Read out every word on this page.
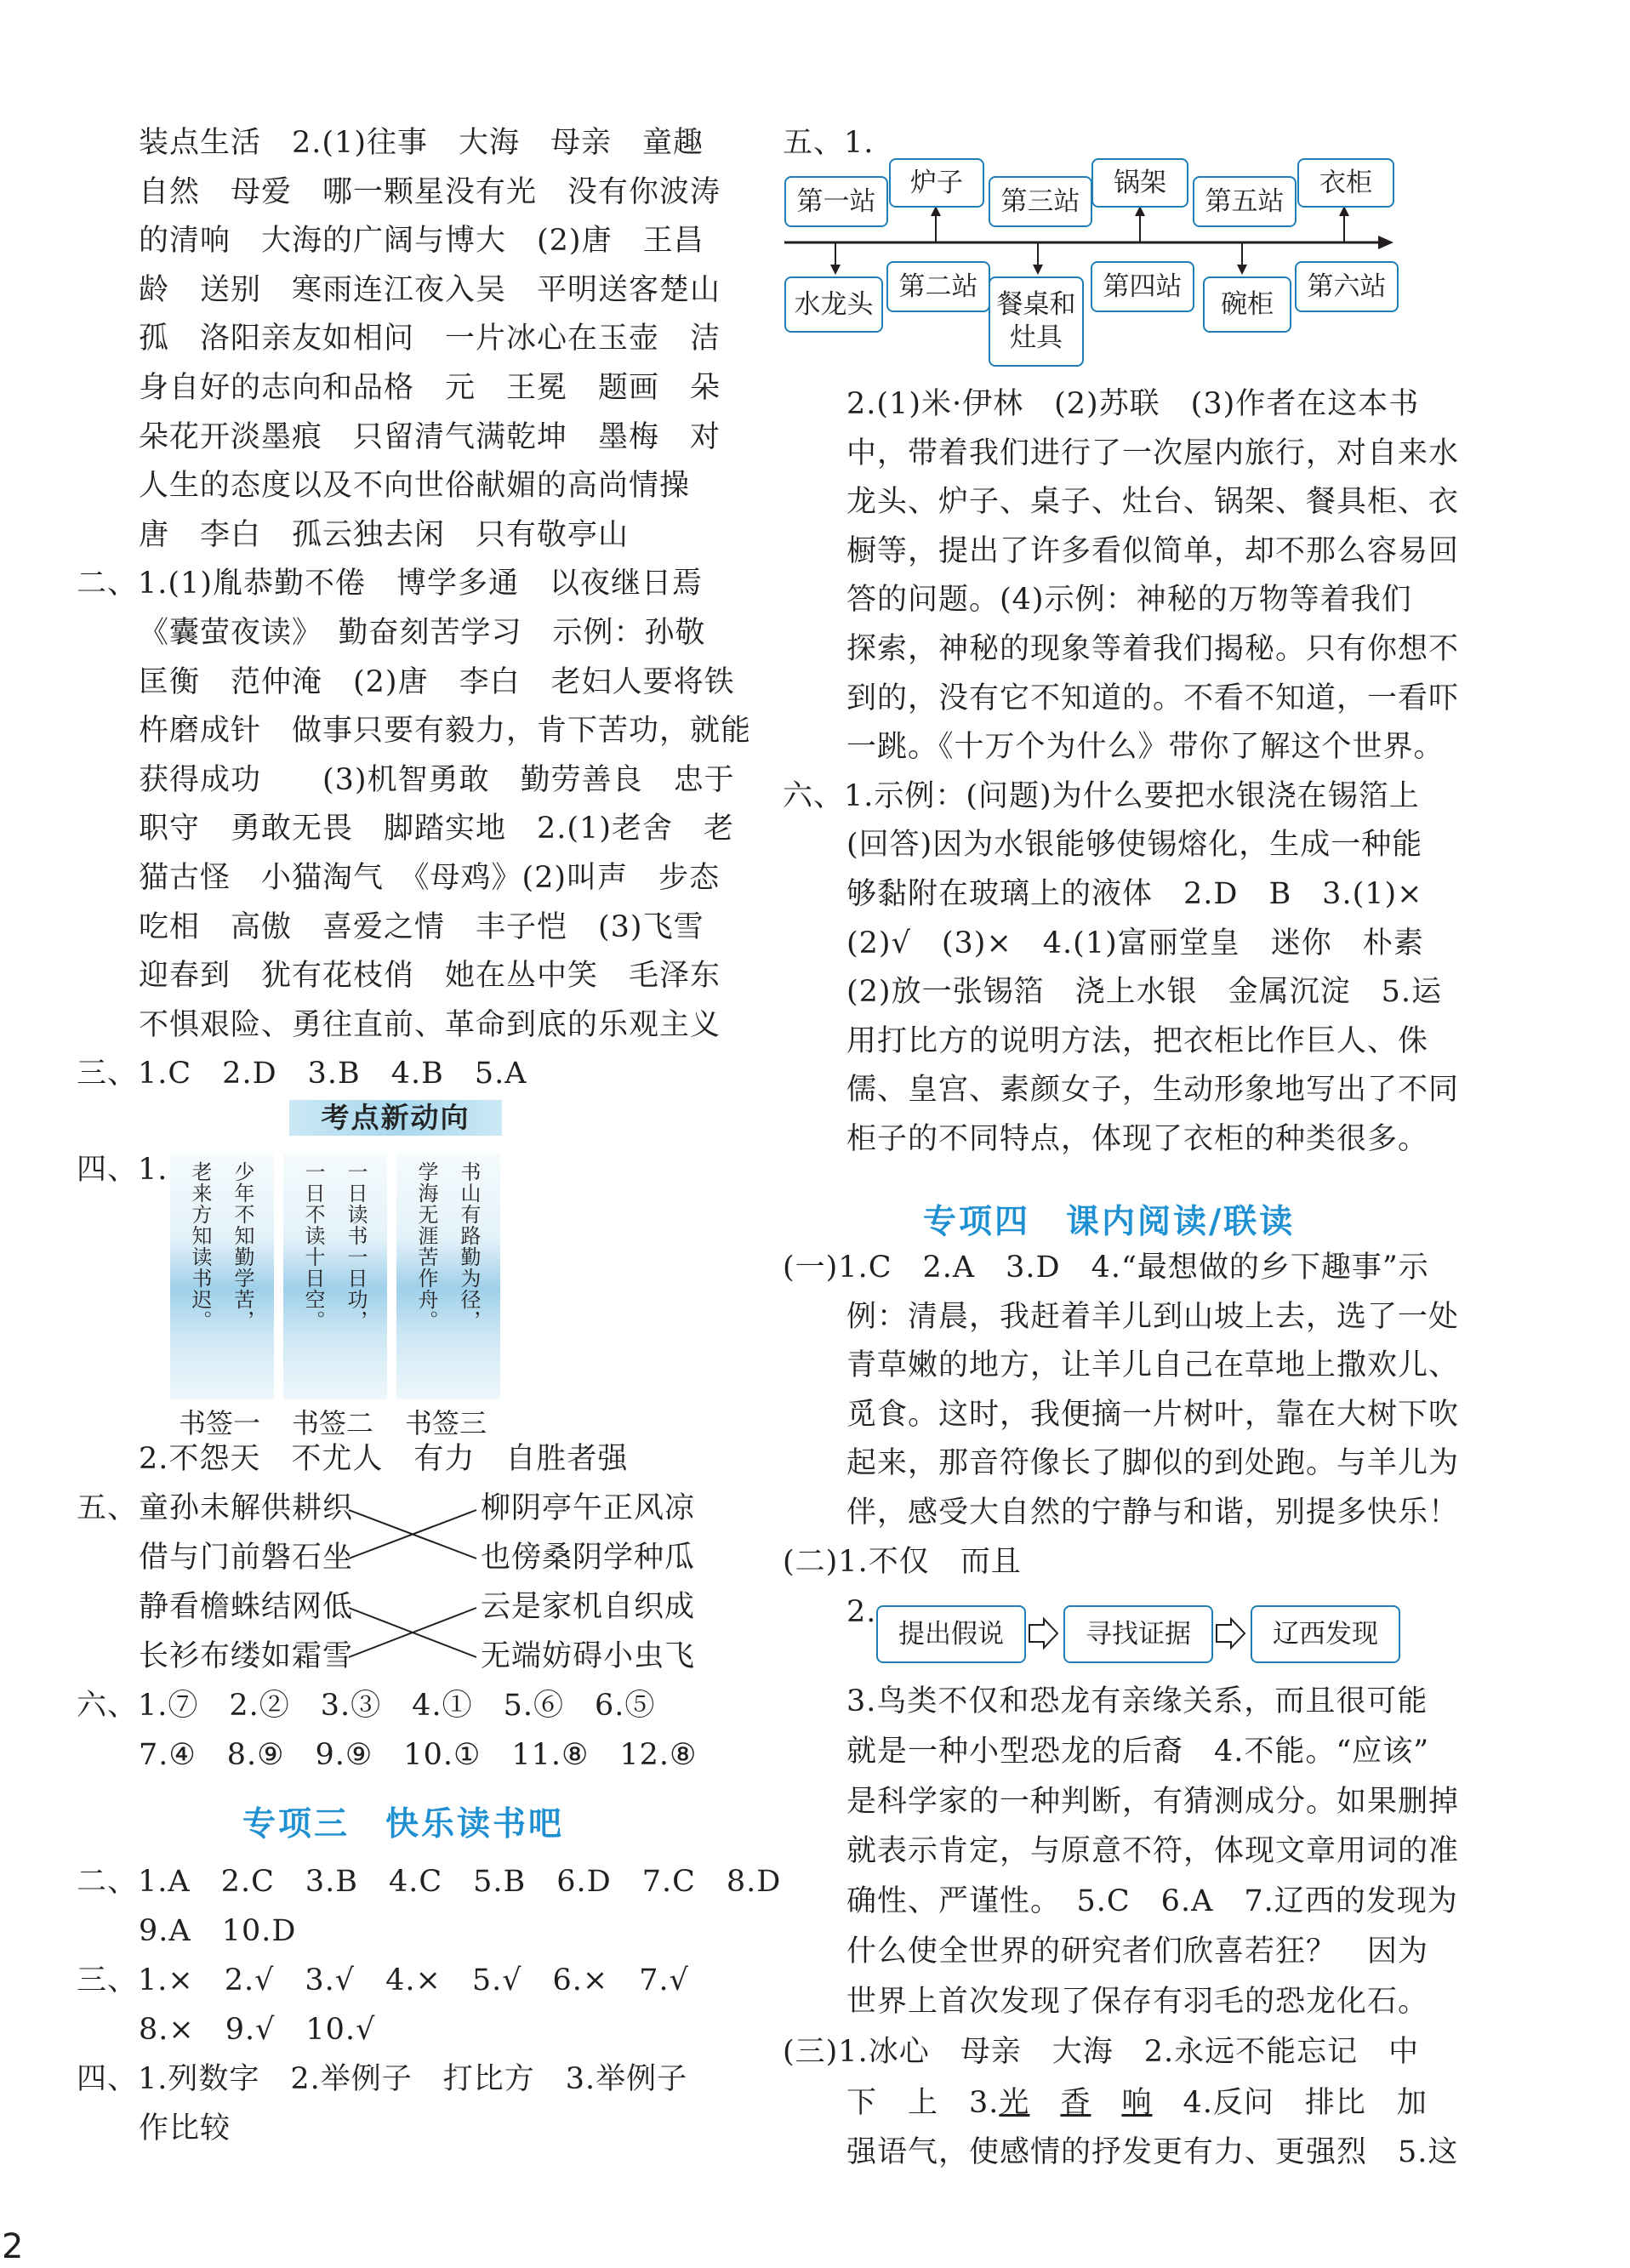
装点生活　2.(1)往事　大海　母亲　童趣
自然　母爱　哪一颗星没有光　没有你波涛
的清响　大海的广阔与博大　(2)唐　王昌
龄　送别　寒雨连江夜入吴　平明送客楚山
孤　洛阳亲友如相问　一片冰心在玉壶　洁
身自好的志向和品格　元　王冕　题画　朵
朵花开淡墨痕　只留清气满乾坤　墨梅　对
人生的态度以及不向世俗献媚的高尚情操
唐　李白　孤云独去闲　只有敬亭山
二、1.(1)胤恭勤不倦　博学多通　以夜继日焉
《囊萤夜读》　勤奋刻苦学习　示例：孙敬
匡衡　范仲淹　(2)唐　李白　老妇人要将铁
杵磨成针　做事只要有毅力，肯下苦功，就能
获得成功　　(3)机智勇敢　勤劳善良　忠于
职守　勇敢无畏　脚踏实地　2.(1)老舍　老
猫古怪　小猫淘气　《母鸡》(2)叫声　步态
吃相　高傲　喜爱之情　丰子恺　(3)飞雪
迎春到　犹有花枝俏　她在丛中笑　毛泽东
不惧艰险、勇往直前、革命到底的乐观主义
三、1.C　2.D　3.B　4.B　5.A
考点新动向
四、1.	少年不知勤学苦，
老来方知读书迟。	一日读书一日功，
一日不读十日空。	书山有路勤为径，
学海无涯苦作舟。
书签一 书签二 书签三
2.不怨天　不尤人　有力　自胜者强
五、 童孙未解供耕织
借与门前磐石坐
静看檐蛛结网低
长衫布缕如霜雪
柳阴亭午正风凉
也傍桑阴学种瓜
云是家机自织成
无端妨碍小虫飞
六、1.⑦　2.②　3.③　4.①　5.⑥　6.⑤
7.④　8.⑨　9.⑨　10.①　11.⑧　12.⑧
专项三　快乐读书吧
二、1.A　2.C　3.B　4.C　5.B　6.D　7.C　8.D
9.A　10.D
三、1.×　2.√　3.√　4.×　5.√　6.×　7.√
8.×　9.√　10.√
四、1.列数字　2.举例子　打比方　3.举例子
作比较
五、1.
第一站
炉子
第三站
锅架
第五站
衣柜
水龙头
第二站
餐桌和灶具
第四站
碗柜
第六站
2.(1)米·伊林　(2)苏联　(3)作者在这本书
中，带着我们进行了一次屋内旅行，对自来水
龙头、炉子、桌子、灶台、锅架、餐具柜、衣
橱等，提出了许多看似简单，却不那么容易回
答的问题。(4)示例：神秘的万物等着我们
探索，神秘的现象等着我们揭秘。只有你想不
到的，没有它不知道的。不看不知道，一看吓
一跳。《十万个为什么》带你了解这个世界。
六、1.示例：(问题)为什么要把水银浇在锡箔上
(回答)因为水银能够使锡熔化，生成一种能
够黏附在玻璃上的液体　2.D　B　3.(1)×
(2)√　(3)×　4.(1)富丽堂皇　迷你　朴素
(2)放一张锡箔　浇上水银　金属沉淀　5.运
用打比方的说明方法，把衣柜比作巨人、侏
儒、皇宫、素颜女子，生动形象地写出了不同
柜子的不同特点，体现了衣柜的种类很多。
专项四　课内阅读/联读
(一)1.C　2.A　3.D　4.“最想做的乡下趣事”示
例：清晨，我赶着羊儿到山坡上去，选了一处
青草嫩的地方，让羊儿自己在草地上撒欢儿、
觅食。这时，我便摘一片树叶，靠在大树下吹
起来，那音符像长了脚似的到处跑。与羊儿为
伴，感受大自然的宁静与和谐，别提多快乐！
(二)1.不仅　而且
2.
提出假说	寻找证据	辽西发现
3.鸟类不仅和恐龙有亲缘关系，而且很可能
就是一种小型恐龙的后裔　4.不能。“应该”
是科学家的一种判断，有猜测成分。如果删掉
就表示肯定，与原意不符，体现文章用词的准
确性、严谨性。　5.C　6.A　7.辽西的发现为
什么使全世界的研究者们欣喜若狂？　因为
世界上首次发现了保存有羽毛的恐龙化石。
(三)1.冰心　母亲　大海　2.永远不能忘记　中
下　上　3.光　 香　 响　4.反问　排比　加
强语气，使感情的抒发更有力、更强烈　5.这
2
